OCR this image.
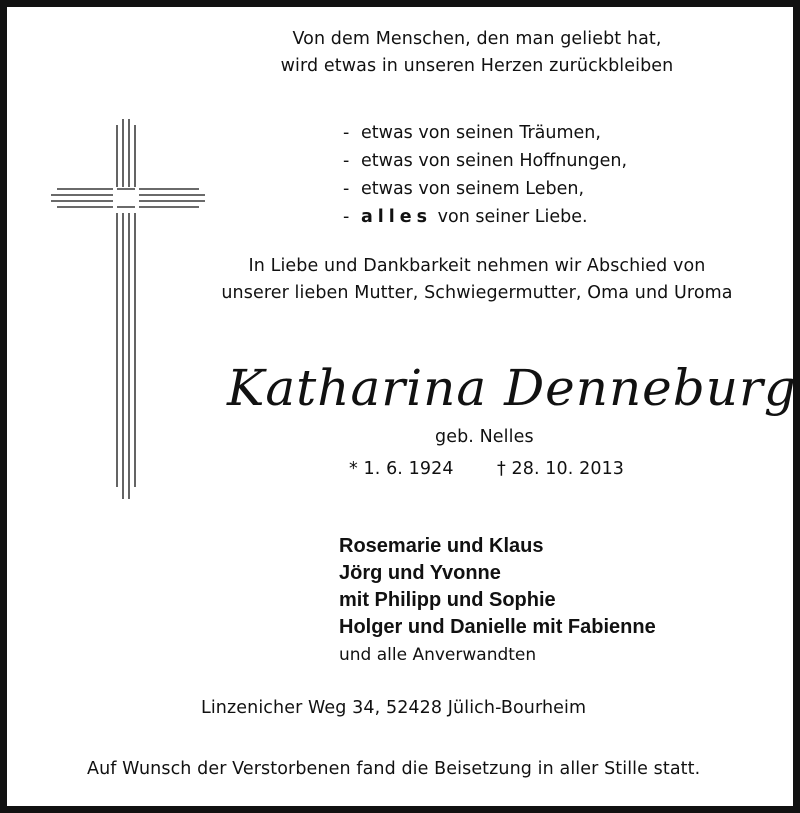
Von dem Menschen, den man geliebt hat,
wird etwas in unseren Herzen zurückbleiben
- etwas von seinen Träumen,
- etwas von seinen Hoffnungen,
- etwas von seinem Leben,
- alles von seiner Liebe.
In Liebe und Dankbarkeit nehmen wir Abschied von
unserer lieben Mutter, Schwiegermutter, Oma und Uroma
Katharina Denneburg
geb. Nelles
* 1. 6. 1924 † 28. 10. 2013
Rosemarie und Klaus
Jörg und Yvonne
mit Philipp und Sophie
Holger und Danielle mit Fabienne
und alle Anverwandten
Linzenicher Weg 34, 52428 Jülich-Bourheim
Auf Wunsch der Verstorbenen fand die Beisetzung in aller Stille statt.
